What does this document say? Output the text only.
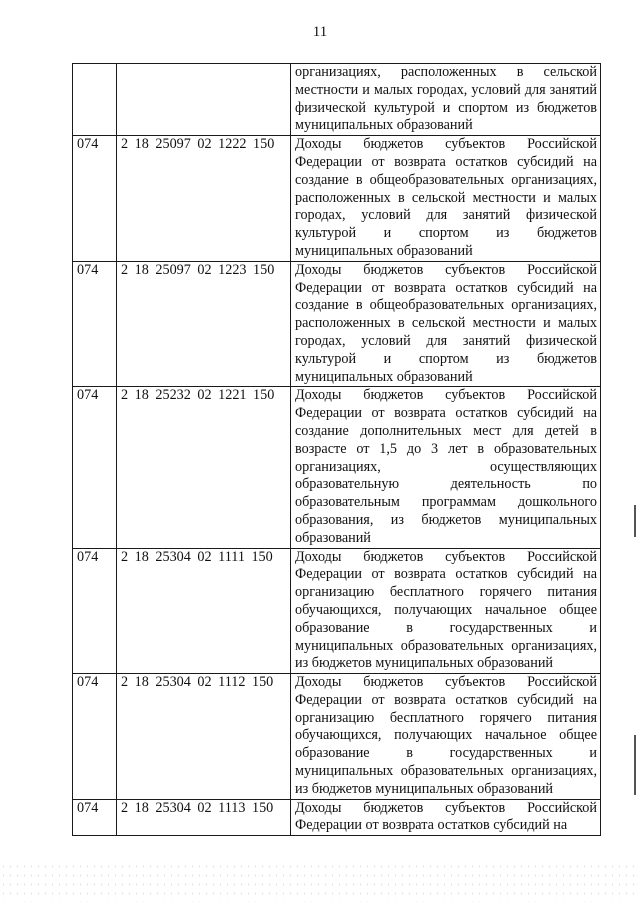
11
		организациях, расположенных в сельской местности и малых городах, условий для занятий физической культурой и спортом из бюджетов муниципальных образований
074	2 18 25097 02 1222 150	Доходы бюджетов субъектов Российской Федерации от возврата остатков субсидий на создание в общеобразовательных организациях, расположенных в сельской местности и малых городах, условий для занятий физической культурой и спортом из бюджетов муниципальных образований
074	2 18 25097 02 1223 150	Доходы бюджетов субъектов Российской Федерации от возврата остатков субсидий на создание в общеобразовательных организациях, расположенных в сельской местности и малых городах, условий для занятий физической культурой и спортом из бюджетов муниципальных образований
074	2 18 25232 02 1221 150	Доходы бюджетов субъектов Российской Федерации от возврата остатков субсидий на создание дополнительных мест для детей в возрасте от 1,5 до 3 лет в образовательных организациях, осуществляющих образовательную деятельность по образовательным программам дошкольного образования, из бюджетов муниципальных образований
074	2 18 25304 02 1111 150	Доходы бюджетов субъектов Российской Федерации от возврата остатков субсидий на организацию бесплатного горячего питания обучающихся, получающих начальное общее образование в государственных и муниципальных образовательных организациях, из бюджетов муниципальных образований
074	2 18 25304 02 1112 150	Доходы бюджетов субъектов Российской Федерации от возврата остатков субсидий на организацию бесплатного горячего питания обучающихся, получающих начальное общее образование в государственных и муниципальных образовательных организациях, из бюджетов муниципальных образований
074	2 18 25304 02 1113 150	Доходы бюджетов субъектов Российской Федерации от возврата остатков субсидий на
